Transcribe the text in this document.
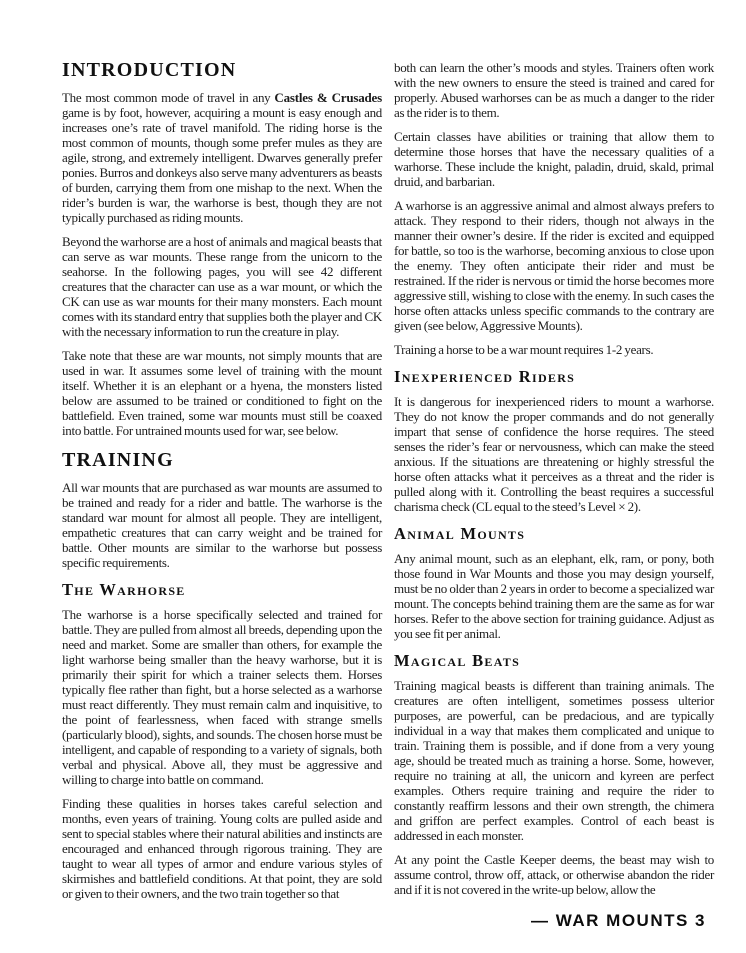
INTRODUCTION

The most common mode of travel in any Castles & Crusades game is by foot, however, acquiring a mount is easy enough and increases one’s rate of travel manifold. The riding horse is the most common of mounts, though some prefer mules as they are agile, strong, and extremely intelligent. Dwarves generally prefer ponies. Burros and donkeys also serve many adventurers as beasts of burden, carrying them from one mishap to the next. When the rider’s burden is war, the warhorse is best, though they are not typically purchased as riding mounts.

Beyond the warhorse are a host of animals and magical beasts that can serve as war mounts. These range from the unicorn to the seahorse. In the following pages, you will see 42 different creatures that the character can use as a war mount, or which the CK can use as war mounts for their many monsters. Each mount comes with its standard entry that supplies both the player and CK with the necessary information to run the creature in play.

Take note that these are war mounts, not simply mounts that are used in war. It assumes some level of training with the mount itself. Whether it is an elephant or a hyena, the monsters listed below are assumed to be trained or conditioned to fight on the battlefield. Even trained, some war mounts must still be coaxed into battle. For untrained mounts used for war, see below.

TRAINING

All war mounts that are purchased as war mounts are assumed to be trained and ready for a rider and battle. The warhorse is the standard war mount for almost all people. They are intelligent, empathetic creatures that can carry weight and be trained for battle. Other mounts are similar to the warhorse but possess specific requirements.

The Warhorse

The warhorse is a horse specifically selected and trained for battle. They are pulled from almost all breeds, depending upon the need and market. Some are smaller than others, for example the light warhorse being smaller than the heavy warhorse, but it is primarily their spirit for which a trainer selects them. Horses typically flee rather than fight, but a horse selected as a warhorse must react differently. They must remain calm and inquisitive, to the point of fearlessness, when faced with strange smells (particularly blood), sights, and sounds. The chosen horse must be intelligent, and capable of responding to a variety of signals, both verbal and physical. Above all, they must be aggressive and willing to charge into battle on command.

Finding these qualities in horses takes careful selection and months, even years of training. Young colts are pulled aside and sent to special stables where their natural abilities and instincts are encouraged and enhanced through rigorous training. They are taught to wear all types of armor and endure various styles of skirmishes and battlefield conditions. At that point, they are sold or given to their owners, and the two train together so that

both can learn the other’s moods and styles. Trainers often work with the new owners to ensure the steed is trained and cared for properly. Abused warhorses can be as much a danger to the rider as the rider is to them.

Certain classes have abilities or training that allow them to determine those horses that have the necessary qualities of a warhorse. These include the knight, paladin, druid, skald, primal druid, and barbarian.

A warhorse is an aggressive animal and almost always prefers to attack. They respond to their riders, though not always in the manner their owner’s desire. If the rider is excited and equipped for battle, so too is the warhorse, becoming anxious to close upon the enemy. They often anticipate their rider and must be restrained. If the rider is nervous or timid the horse becomes more aggressive still, wishing to close with the enemy. In such cases the horse often attacks unless specific commands to the contrary are given (see below, Aggressive Mounts).

Training a horse to be a war mount requires 1-2 years.

Inexperienced Riders

It is dangerous for inexperienced riders to mount a warhorse. They do not know the proper commands and do not generally impart that sense of confidence the horse requires. The steed senses the rider’s fear or nervousness, which can make the steed anxious. If the situations are threatening or highly stressful the horse often attacks what it perceives as a threat and the rider is pulled along with it. Controlling the beast requires a successful charisma check (CL equal to the steed’s Level × 2).

Animal Mounts

Any animal mount, such as an elephant, elk, ram, or pony, both those found in War Mounts and those you may design yourself, must be no older than 2 years in order to become a specialized war mount. The concepts behind training them are the same as for war horses. Refer to the above section for training guidance. Adjust as you see fit per animal.

Magical Beats

Training magical beasts is different than training animals. The creatures are often intelligent, sometimes possess ulterior purposes, are powerful, can be predacious, and are typically individual in a way that makes them complicated and unique to train. Training them is possible, and if done from a very young age, should be treated much as training a horse. Some, however, require no training at all, the unicorn and kyreen are perfect examples. Others require training and require the rider to constantly reaffirm lessons and their own strength, the chimera and griffon are perfect examples. Control of each beast is addressed in each monster.

At any point the Castle Keeper deems, the beast may wish to assume control, throw off, attack, or otherwise abandon the rider and if it is not covered in the write-up below, allow the

— WAR MOUNTS 3
